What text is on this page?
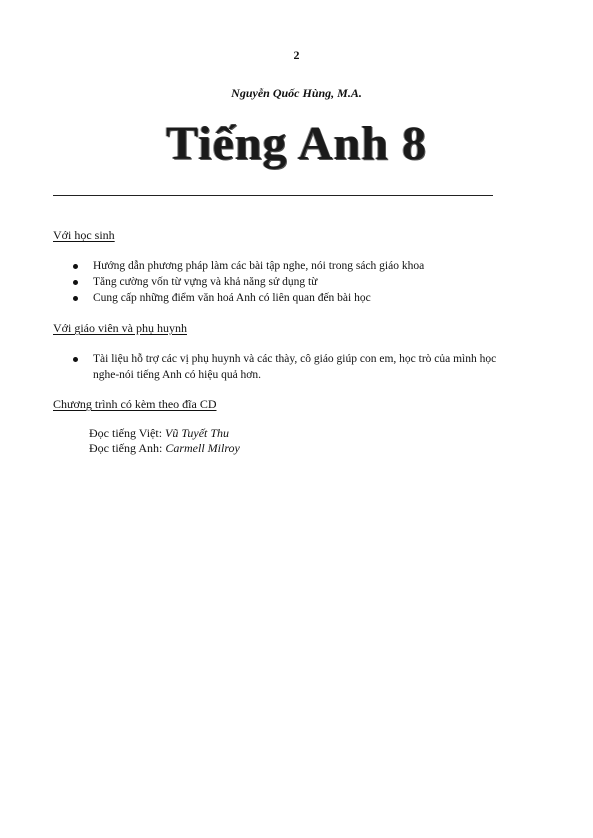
2
Nguyễn Quốc Hùng, M.A.
Tiếng Anh 8
Với học sinh
Hướng dẫn phương pháp làm các bài tập nghe, nói trong sách giáo khoa
Tăng cường vốn từ vựng và khả năng sử dụng từ
Cung cấp những điểm văn hoá Anh có liên quan đến bài học
Với giáo viên và phụ huynh
Tài liệu hỗ trợ các vị phụ huynh và các thày, cô giáo giúp con em, học trò của mình học nghe-nói tiếng Anh có hiệu quả hơn.
Chương trình có kèm theo đĩa CD
Đọc tiếng Việt: Vũ Tuyết Thu
Đọc tiếng Anh: Carmell Milroy
